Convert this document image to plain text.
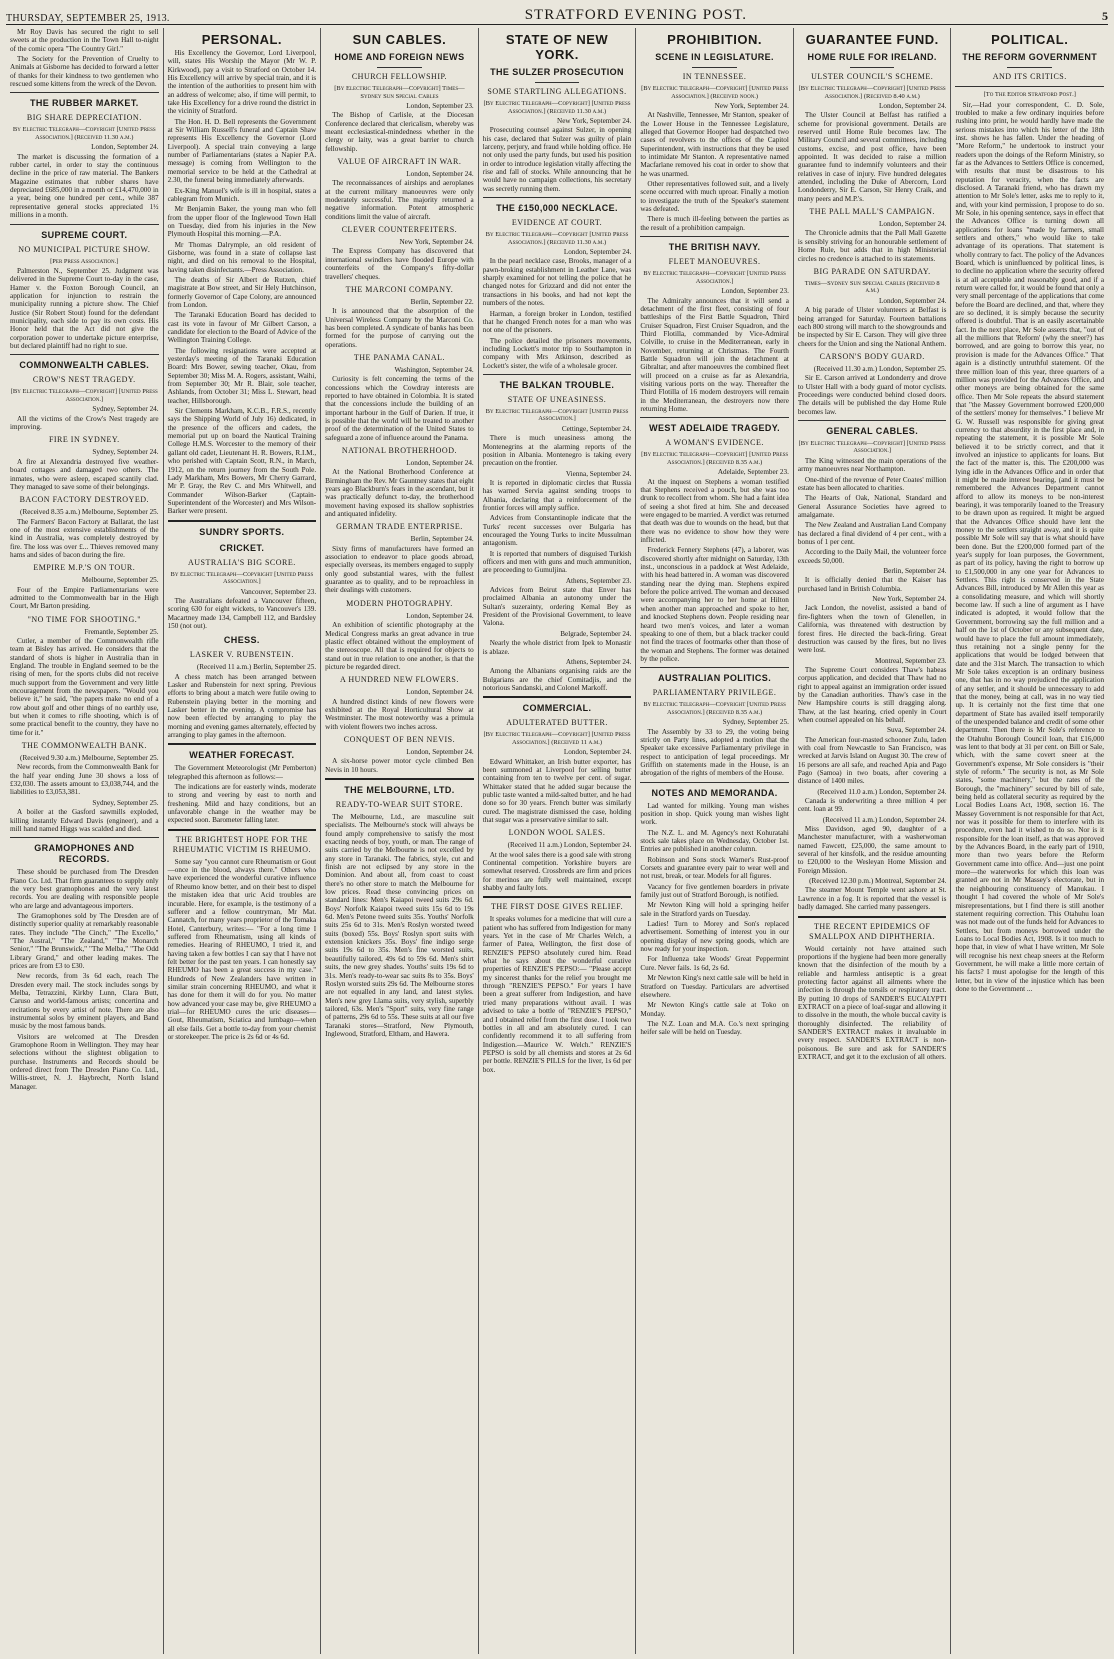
THURSDAY, SEPTEMBER 25, 1913.	STRATFORD EVENING POST.	5

Mr Roy Davis has secured the right to sell sweets at the production in the Town Hall to-night of the comic opera "The Country Girl."

The Society for the Prevention of Cruelty to Animals at Gisborne has decided to forward a letter of thanks for their kindness to two gentlemen who rescued some kittens from the wreck of the Devon.

THE RUBBER MARKET.
BIG SHARE DEPRECIATION.
By Electric Telegraph—Copyright [United Press Association.] (Received 11.30 a.m.)
London, September 24.

The market is discussing the formation of a rubber cartel, in order to stay the continuous decline in the price of raw material. The Bankers Magazine estimates that rubber shares have depreciated £685,000 in a month or £14,470,000 in a year, being one hundred per cent., while 387 representative general stocks appreciated 1½ millions in a month.

SUPREME COURT.
NO MUNICIPAL PICTURE SHOW.
[Per Press Association.]

Palmerston N., September 25. Judgment was delivered in the Supreme Court to-day in the case, Hamer v. the Foxton Borough Council, an application for injunction to restrain the municipality running a picture show. The Chief Justice (Sir Robert Stout) found for the defendant municipality, each side to pay its own costs. His Honor held that the Act did not give the corporation power to undertake picture enterprise, but declared plaintiff had no right to sue.

COMMONWEALTH CABLES.
CROW'S NEST TRAGEDY.
[By Electric Telegraph—Copyright] [United Press Association.]
Sydney, September 24.

All the victims of the Crow's Nest tragedy are improving.

FIRE IN SYDNEY.
Sydney, September 24.

A fire at Alexandria destroyed five weather-board cottages and damaged two others. The inmates, who were asleep, escaped scantily clad. They managed to save some of their belongings.

BACON FACTORY DESTROYED.
(Received 8.35 a.m.) Melbourne, September 25.

The Farmers' Bacon Factory at Ballarat, the last one of the most extensive establishments of the kind in Australia, was completely destroyed by fire. The loss was over £... Thieves removed many hams and sides of bacon during the fire.

EMPIRE M.P.'S ON TOUR.
Melbourne, September 25.

Four of the Empire Parliamentarians were admitted to the Commonwealth bar in the High Court, Mr Barton presiding.

"NO TIME FOR SHOOTING."
Fremantle, September 25.

Cutler, a member of the Commonwealth rifle team at Bisley has arrived. He considers that the standard of shots is higher in Australia than in England. The trouble in England seemed to be the rising of men, for the sports clubs did not receive much support from the Government and very little encouragement from the newspapers. "Would you believe it," he said, "the papers make no end of a row about golf and other things of no earthly use, but when it comes to rifle shooting, which is of some practical benefit to the country, they have no time for it."

THE COMMONWEALTH BANK.
(Received 9.30 a.m.) Melbourne, September 25.

New records, from the Commonwealth Bank for the half year ending June 30 shows a loss of £32,030. The assets amount to £3,038,744, and the liabilities to £3,053,381.

Sydney, September 25.

A boiler at the Gasford sawmills exploded, killing instantly Edward Davis (engineer), and a mill hand named Higgs was scalded and died.

GRAMOPHONES AND RECORDS.

These should be purchased from The Dresden Piano Co. Ltd. That firm guarantees to supply only the very best gramophones and the very latest records. You are dealing with responsible people who are large and advantageous importers.

The Gramophones sold by The Dresden are of distinctly superior quality at remarkably reasonable rates. They include "The Cinch," "The Excello," "The Austral," "The Zealand," "The Monarch Senior," "The Brunswick," "The Melba," "The Odd Library Grand," and other leading makes. The prices are from £3 to £30.

New records, from 3s 6d each, reach The Dresden every mail. The stock includes songs by Melba, Tetrazzini, Kirkby Lunn, Clara Butt, Caruso and world-famous artists; concertina and recitations by every artist of note. There are also instrumental solos by eminent players, and Band music by the most famous bands.

Visitors are welcomed at The Dresden Gramophone Room in Wellington. They may hear selections without the slightest obligation to purchase. Instruments and Records should be ordered direct from The Dresden Piano Co. Ltd., Willis-street, N. J. Haybrecht, North Island Manager.

PERSONAL.

His Excellency the Governor, Lord Liverpool, will, states His Worship the Mayor (Mr W. P. Kirkwood), pay a visit to Stratford on October 14. His Excellency will arrive by special train, and it is the intention of the authorities to present him with an address of welcome; also, if time will permit, to take His Excellency for a drive round the district in the vicinity of Stratford.

The Hon. H. D. Bell represents the Government at Sir William Russell's funeral and Captain Shaw represents His Excellency the Governor (Lord Liverpool). A special train conveying a large number of Parliamentarians (states a Napier P.A. message) is coming from Wellington to the memorial service to be held at the Cathedral at 2.30, the funeral being immediately afterwards.

Ex-King Manuel's wife is ill in hospital, states a cablegram from Munich.

Mr Benjamin Baker, the young man who fell from the upper floor of the Inglewood Town Hall on Tuesday, died from his injuries in the New Plymouth Hospital this morning.—P.A.

Mr Thomas Dalrymple, an old resident of Gisborne, was found in a state of collapse last night, and died on his removal to the Hospital, having taken disinfectants.—Press Association.

The deaths of Sir Albert de Rutzen, chief magistrate at Bow street, and Sir Hely Hutchinson, formerly Governor of Cape Colony, are announced from London.

The Taranaki Education Board has decided to cast its vote in favour of Mr Gilbert Carson, a candidate for election to the Board of Advice of the Wellington Training College.

The following resignations were accepted at yesterday's meeting of the Taranaki Education Board: Mrs Bower, sewing teacher, Okau, from September 30; Miss M. A. Rogers, assistant, Waihi, from September 30; Mr R. Blair, sole teacher, Ashlands, from October 31; Miss L. Stewart, head teacher, Hillsborough.

Sir Clements Markham, K.C.B., F.R.S., recently says the Shipping World of July 16) dedicated, in the presence of the officers and cadets, the memorial put up on board the Nautical Training College H.M.S. Worcester to the memory of their gallant old cadet, Lieutenant H. R. Bowers, R.I.M., who perished with Captain Scott, R.N., in March, 1912, on the return journey from the South Pole. Lady Markham, Mrs Bowers, Mr Cherry Garrard, Mr P. Gray, the Rev C. and Mrs Whitwell, and Commander Wilson-Barker (Captain-Superintendent of the Worcester) and Mrs Wilson-Barker were present.

SUNDRY SPORTS.
CRICKET.
AUSTRALIA'S BIG SCORE.
By Electric Telegraph—Copyright [United Press Association.]
Vancouver, September 23.

The Australians defeated a Vancouver fifteen, scoring 630 for eight wickets, to Vancouver's 139. Macartney made 134, Campbell 112, and Bardsley 150 (not out).

CHESS.
LASKER V. RUBENSTEIN.
(Received 11 a.m.) Berlin, September 25.

A chess match has been arranged between Lasker and Rubenstein for next spring. Previous efforts to bring about a match were futile owing to Rubenstein playing better in the morning and Lasker better in the evening. A compromise has now been effected by arranging to play the morning and evening games alternately, effected by arranging to play games in the afternoon.

WEATHER FORECAST.

The Government Meteorologist (Mr Pemberton) telegraphed this afternoon as follows:—

The indications are for easterly winds, moderate to strong and veering by east to north and freshening. Mild and hazy conditions, but an unfavorable change in the weather may be expected soon. Barometer falling later.

THE BRIGHTEST HOPE FOR THE RHEUMATIC VICTIM IS RHEUMO.

Some say "you cannot cure Rheumatism or Gout—once in the blood, always there." Others who have experienced the wonderful curative influence of Rheumo know better, and on their best to dispel the mistaken idea that uric Acid troubles are incurable. Here, for example, is the testimony of a sufferer and a fellow countryman, Mr Mat. Cannatch, for many years proprietor of the Tomaka Hotel, Canterbury, writes:— "For a long time I suffered from Rheumatism, using all kinds of remedies. Hearing of RHEUMO, I tried it, and having taken a few bottles I can say that I have not felt better for the past ten years. I can honestly say RHEUMO has been a great success in my case." Hundreds of New Zealanders have written in similar strain concerning RHEUMO, and what it has done for them it will do for you. No matter how advanced your case may be, give RHEUMO a trial—for RHEUMO cures the uric diseases—Gout, Rheumatism, Sciatica and lumbago—when all else fails. Get a bottle to-day from your chemist or storekeeper. The price is 2s 6d or 4s 6d.

SUN CABLES.
HOME AND FOREIGN NEWS
CHURCH FELLOWSHIP.
[By Electric Telegraph—Copyright] Times—Sydney Sun Special Cables
London, September 23.

The Bishop of Carlisle, at the Diocesan Conference declared that clericalism, whereby was meant ecclesiastical-mindedness whether in the clergy or laity, was a great barrier to church fellowship.

VALUE OF AIRCRAFT IN WAR.
London, September 24.

The reconnaissances of airships and aeroplanes at the current military manoeuvres were only moderately successful. The majority returned a negative information. Potent atmospheric conditions limit the value of aircraft.

CLEVER COUNTERFEITERS.
New York, September 24.

The Express Company has discovered that international swindlers have flooded Europe with counterfeits of the Company's fifty-dollar travellers' cheques.

THE MARCONI COMPANY.
Berlin, September 22.

It is announced that the absorption of the Universal Wireless Company by the Marconi Co. has been completed. A syndicate of banks has been formed for the purpose of carrying out the operations.

THE PANAMA CANAL.
Washington, September 24.

Curiosity is felt concerning the terms of the concessions which the Cowdray interests are reported to have obtained in Colombia. It is stated that the concessions include the building of an important harbour in the Gulf of Darien. If true, it is possible that the world will be treated to another proof of the determination of the United States to safeguard a zone of influence around the Panama.

NATIONAL BROTHERHOOD.
London, September 24.

At the National Brotherhood Conference at Birmingham the Rev. Mr Gauntney states that eight years ago Blackburn's fears in the ascendant, but it was practically defunct to-day, the brotherhood movement having exposed its shallow sophistries and antiquated infidelity.

GERMAN TRADE ENTERPRISE.
Berlin, September 24.

Sixty firms of manufacturers have formed an association to endeavor to place goods abroad, especially overseas, its members engaged to supply only good substantial wares, with the fullest guarantee as to quality, and to be reproachless in their dealings with customers.

MODERN PHOTOGRAPHY.
London, September 24.

An exhibition of scientific photography at the Medical Congress marks an great advance in true plastic effect obtained without the employment of the stereoscope. All that is required for objects to stand out in true relation to one another, is that the picture be regarded direct.

A HUNDRED NEW FLOWERS.
London, September 24.

A hundred distinct kinds of new flowers were exhibited at the Royal Horticultural Show at Westminster. The most noteworthy was a primula with violent flowers two inches across.

CONQUEST OF BEN NEVIS.
London, September 24.

A six-horse power motor cycle climbed Ben Nevis in 10 hours.

THE MELBOURNE, LTD.
READY-TO-WEAR SUIT STORE.

The Melbourne, Ltd., are masculine suit specialists. The Melbourne's stock will always be found amply comprehensive to satisfy the most exacting needs of boy, youth, or man. The range of suits carried by the Melbourne is not excelled by any store in Taranaki. The fabrics, style, cut and finish are not eclipsed by any store in the Dominion. And about all, from coast to coast there's no other store to match the Melbourne for low prices. Read these convincing prices on standard lines: Men's Kaiapoi tweed suits 29s 6d. Boys' Norfolk Kaiapoi tweed suits 15s 6d to 19s 6d. Men's Petone tweed suits 35s. Youths' Norfolk suits 25s 6d to 31s. Men's Roslyn worsted tweed suits (boxed) 55s. Boys' Roslyn sport suits with extension knickers 35s. Boys' fine indigo serge suits 19s 6d to 35s. Men's fine worsted suits, beautifully tailored, 49s 6d to 59s 6d. Men's shirt suits, the new grey shades. Youths' suits 19s 6d to 31s. Men's ready-to-wear sac suits 8s to 35s. Boys' Roslyn worsted suits 29s 6d. The Melbourne stores are not equalled in any land, and latest styles. Men's new grey Llama suits, very stylish, superbly tailored, 63s. Men's "Sport" suits, very fine range of patterns, 29s 6d to 55s. These suits at all our five Taranaki stores—Stratford, New Plymouth, Inglewood, Stratford, Eltham, and Hawera.

STATE OF NEW YORK.
THE SULZER PROSECUTION
SOME STARTLING ALLEGATIONS.
[By Electric Telegraph—Copyright] [United Press Association.] (Received 11.30 a.m.)
New York, September 24.

Prosecuting counsel against Sulzer, in opening his case, declared that Sulzer was guilty of plain larceny, perjury, and fraud while holding office. He not only used the party funds, but used his position in order to introduce legislation vitally affecting the rise and fall of stocks. While announcing that he would have no campaign collections, his secretary was secretly running them.

THE £150,000 NECKLACE.
EVIDENCE AT COURT.
By Electric Telegraph—Copyright [United Press Association.] (Received 11.30 a.m.)
London, September 24.

In the pearl necklace case, Brooks, manager of a pawn-broking establishment in Leather Lane, was sharply examined for not telling the police that he changed notes for Grizzard and did not enter the transactions in his books, and had not kept the numbers of the notes.

Harman, a foreign broker in London, testified that he changed French notes for a man who was not one of the prisoners.

The police detailed the prisoners movements, including Lockett's motor trip to Southampton in company with Mrs Atkinson, described as Lockett's sister, the wife of a wholesale grocer.

THE BALKAN TROUBLE.
STATE OF UNEASINESS.
By Electric Telegraph—Copyright [United Press Association.]
Cettinge, September 24.

There is much uneasiness among the Montenegrins at the alarming reports of the position in Albania. Montenegro is taking every precaution on the frontier.

Vienna, September 24.

It is reported in diplomatic circles that Russia has warned Servia against sending troops to Albania, declaring that a reinforcement of the frontier forces will amply suffice.

Advices from Constantinople indicate that the Turks' recent successes over Bulgaria has encouraged the Young Turks to incite Mussulman antagonism.

It is reported that numbers of disguised Turkish officers and men with guns and much ammunition, are proceeding to Gumuljina.

Athens, September 23.

Advices from Beirut state that Enver has proclaimed Albania an autonomy under the Sultan's suzerainty, ordering Kemal Bey as President of the Provisional Government, to leave Valona.

Belgrade, September 24.

Nearly the whole district from Ipek to Monastir is ablaze.

Athens, September 24.

Among the Albanians organising raids are the Bulgarians are the chief Comitadjis, and the notorious Sandanski, and Colonel Markoff.

COMMERCIAL.
ADULTERATED BUTTER.
[By Electric Telegraph—Copyright] [United Press Association.] (Received 11 a.m.)
London, September 24.

Edward Whittaker, an Irish butter exporter, has been summoned at Liverpool for selling butter containing from ten to twelve per cent. of sugar. Whittaker stated that he added sugar because the public taste wanted a mild-salted butter, and he had done so for 30 years. French butter was similarly cured. The magistrate dismissed the case, holding that sugar was a preservative similar to salt.

LONDON WOOL SALES.
(Received 11 a.m.) London, September 24.

At the wool sales there is a good sale with strong Continental competition. Yorkshire buyers are somewhat reserved. Crossbreds are firm and prices for merinos are fully well maintained, except shabby and faulty lots.

THE FIRST DOSE GIVES RELIEF.

It speaks volumes for a medicine that will cure a patient who has suffered from Indigestion for many years. Yet in the case of Mr Charles Welch, a farmer of Patea, Wellington, the first dose of RENZIE'S PEPSO absolutely cured him. Read what he says about the wonderful curative properties of RENZIE'S PEPSO:— "Please accept my sincerest thanks for the relief you brought me through "RENZIE'S PEPSO." For years I have been a great sufferer from Indigestion, and have tried many preparations without avail. I was advised to take a bottle of "RENZIE'S PEPSO," and I obtained relief from the first dose. I took two bottles in all and am absolutely cured. I can confidently recommend it to all suffering from Indigestion.—Maurice W. Welch." RENZIE'S PEPSO is sold by all chemists and stores at 2s 6d per bottle. RENZIE'S PILLS for the liver, 1s 6d per box.

PROHIBITION.
SCENE IN LEGISLATURE.
IN TENNESSEE.
[By Electric Telegraph—Copyright] [United Press Association.] (Received noon.)
New York, September 24.

At Nashville, Tennessee, Mr Stanton, speaker of the Lower House in the Tennessee Legislature, alleged that Governor Hooper had despatched two cases of revolvers to the offices of the Capitol Superintendent, with instructions that they be used to intimidate Mr Stanton. A representative named Macfarlane removed his coat in order to show that he was unarmed.

Other representatives followed suit, and a lively scene occurred with much uproar. Finally a motion to investigate the truth of the Speaker's statement was defeated.

There is much ill-feeling between the parties as the result of a prohibition campaign.

THE BRITISH NAVY.
FLEET MANOEUVRES.
By Electric Telegraph—Copyright [United Press Association.]
London, September 23.

The Admiralty announces that it will send a detachment of the first fleet, consisting of four battleships of the First Battle Squadron, Third Cruiser Squadron, First Cruiser Squadron, and the Third Flotilla, commanded by Vice-Admiral Colville, to cruise in the Mediterranean, early in November, returning at Christmas. The Fourth Battle Squadron will join the detachment at Gibraltar, and after manoeuvres the combined fleet will proceed on a cruise as far as Alexandria, visiting various ports on the way. Thereafter the Third Flotilla of 16 modern destroyers will remain in the Mediterranean, the destroyers now there returning Home.

WEST ADELAIDE TRAGEDY.
A WOMAN'S EVIDENCE.
[By Electric Telegraph—Copyright] [United Press Association.] (Received 8.35 a.m.)
Adelaide, September 23.

At the inquest on Stephens a woman testified that Stephens received a pouch, but she was too drunk to recollect from whom. She had a faint idea of seeing a shot fired at him. She and deceased were engaged to be married. A verdict was returned that death was due to wounds on the head, but that there was no evidence to show how they were inflicted.

Frederick Fennery Stephens (47), a laborer, was discovered shortly after midnight on Saturday, 13th inst., unconscious in a paddock at West Adelaide, with his head battered in. A woman was discovered standing near the dying man. Stephens expired before the police arrived. The woman and deceased were accompanying her to her home at Hilton when another man approached and spoke to her, and knocked Stephens down. People residing near heard two men's voices, and later a woman speaking to one of them, but a black tracker could not find the traces of footmarks other than those of the woman and Stephens. The former was detained by the police.

AUSTRALIAN POLITICS.
PARLIAMENTARY PRIVILEGE.
By Electric Telegraph—Copyright [United Press Association.] (Received 8.35 a.m.)
Sydney, September 25.

The Assembly by 33 to 29, the voting being strictly on Party lines, adopted a motion that the Speaker take excessive Parliamentary privilege in respect to anticipation of legal proceedings. Mr Griffith on statements made in the House, is an abrogation of the rights of members of the House.

NOTES AND MEMORANDA.

Lad wanted for milking. Young man wishes position in shop. Quick young man wishes light work.

The N.Z. L. and M. Agency's next Kohuratahi stock sale takes place on Wednesday, October 1st. Entries are published in another column.

Robinson and Sons stock Warner's Rust-proof Corsets and guarantee every pair to wear well and not rust, break, or tear. Models for all figures.

Vacancy for five gentlemen boarders in private family just out of Stratford Borough, is notified.

Mr Newton King will hold a springing heifer sale in the Stratford yards on Tuesday.

Ladies! Turn to Morey and Son's replaced advertisement. Something of interest you in our opening display of new spring goods, which are now ready for your inspection.

For Influenza take Woods' Great Peppermint Cure. Never fails. 1s 6d, 2s 6d.

Mr Newton King's next cattle sale will be held in Stratford on Tuesday. Particulars are advertised elsewhere.

Mr Newton King's cattle sale at Toko on Monday.

The N.Z. Loan and M.A. Co.'s next springing heifer sale will be held on Tuesday.

GUARANTEE FUND.
HOME RULE FOR IRELAND.
ULSTER COUNCIL'S SCHEME.
[By Electric Telegraph—Copyright] [United Press Association.] (Received 8.40 a.m.)
London, September 24.

The Ulster Council at Belfast has ratified a scheme for provisional government. Details are reserved until Home Rule becomes law. The Military Council and several committees, including customs, excise, and post office, have been appointed. It was decided to raise a million guarantee fund to indemnify volunteers and their relatives in case of injury. Five hundred delegates attended, including the Duke of Abercorn, Lord Londonderry, Sir E. Carson, Sir Henry Craik, and many peers and M.P.'s.

THE PALL MALL'S CAMPAIGN.
London, September 24.

The Chronicle admits that the Pall Mall Gazette is sensibly striving for an honourable settlement of Home Rule, but adds that in high Ministerial circles no credence is attached to its statements.

BIG PARADE ON SATURDAY.
Times—Sydney Sun Special Cables (Received 8 a.m.)
London, September 24.

A big parade of Ulster volunteers at Belfast is being arranged for Saturday. Fourteen battalions each 800 strong will march to the showgrounds and be inspected by Sir E. Carson. They will give three cheers for the Union and sing the National Anthem.

CARSON'S BODY GUARD.
(Received 11.30 a.m.) London, September 25.

Sir E. Carson arrived at Londonderry and drove to Ulster Hall with a body guard of motor cyclists. Proceedings were conducted behind closed doors. The details will be published the day Home Rule becomes law.

GENERAL CABLES.
[By Electric Telegraph—Copyright] [United Press Association.]

The King witnessed the main operations of the army manoeuvres near Northampton.

One-third of the revenue of Peter Coates' million estate has been allocated to charities.

The Hearts of Oak, National, Standard and General Assurance Societies have agreed to amalgamate.

The New Zealand and Australian Land Company has declared a final dividend of 4 per cent., with a bonus of 1 per cent.

According to the Daily Mail, the volunteer force exceeds 50,000.

Berlin, September 24.

It is officially denied that the Kaiser has purchased land in British Columbia.

New York, September 24.

Jack London, the novelist, assisted a band of fire-fighters when the town of Glenellen, in California, was threatened with destruction by forest fires. He directed the back-firing. Great destruction was caused by the fires, but no lives were lost.

Montreal, September 23.

The Supreme Court considers Thaw's habeas corpus application, and decided that Thaw had no right to appeal against an immigration order issued by the Canadian authorities. Thaw's case in the New Hampshire courts is still dragging along. Thaw, at the last hearing, cried openly in Court when counsel appealed on his behalf.

Suva, September 24.

The American four-masted schooner Zulu, laden with coal from Newcastle to San Francisco, was wrecked at Jarvis Island on August 30. The crew of 16 persons are all safe, and reached Apia and Pago Pago (Samoa) in two boats, after covering a distance of 1400 miles.

(Received 11.0 a.m.) London, September 24.

Canada is underwriting a three million 4 per cent. loan at 99.

(Received 11 a.m.) London, September 24.

Miss Davidson, aged 90, daughter of a Manchester manufacturer, with a washerwoman named Fawcett, £25,000, the same amount to several of her kinsfolk, and the residue amounting to £20,000 to the Wesleyan Home Mission and Foreign Mission.

(Received 12.30 p.m.) Montreal, September 24.

The steamer Mount Temple went ashore at St. Lawrence in a fog. It is reported that the vessel is badly damaged. She carried many passengers.

THE RECENT EPIDEMICS OF SMALLPOX AND DIPHTHERIA.

Would certainly not have attained such proportions if the hygiene had been more generally known that the disinfection of the mouth by a reliable and harmless antiseptic is a great protecting factor against all ailments where the infection is through the tonsils or respiratory tract. By putting 10 drops of SANDER'S EUCALYPTI EXTRACT on a piece of loaf-sugar and allowing it to dissolve in the mouth, the whole buccal cavity is thoroughly disinfected. The reliability of SANDER'S EXTRACT makes it invaluable in every respect. SANDER'S EXTRACT is non-poisonous. Be sure and ask for SANDER'S EXTRACT, and get it to the exclusion of all others.

POLITICAL.
THE REFORM GOVERNMENT
AND ITS CRITICS.
[To The Editor Stratford Post.]

Sir,—Had your correspondent, C. D. Sole, troubled to make a few ordinary inquiries before rushing into print, he would hardly have made the serious mistakes into which his letter of the 18th inst. shows he has fallen. Under the heading of "More Reform," he undertook to instruct your readers upon the doings of the Reform Ministry, so far as the Advances to Settlers Office is concerned, with results that must be disastrous to his reputation for veracity, when the facts are disclosed. A Taranaki friend, who has drawn my attention to Mr Sole's letter, asks me to reply to it, and, with your kind permission, I propose to do so. Mr Sole, in his opening sentence, says in effect that the Advances Office is turning down all applications for loans "made by farmers, small settlers and others," who would like to take advantage of its operations. That statement is wholly contrary to fact. The policy of the Advances Board, which is uninfluenced by political lines, is to decline no application where the security offered is at all acceptable and reasonably good, and if a return were called for, it would be found that only a very small percentage of the applications that come before the Board are declined, and that, where they are so declined, it is simply because the security offered is doubtful. That is an easily ascertainable fact. In the next place, Mr Sole asserts that, "out of all the millions that 'Reform' (why the sneer?) has borrowed, and are going to borrow this year, no provision is made for the Advances Office." That again is a distinctly untruthful statement. Of the three million loan of this year, three quarters of a million was provided for the Advances Office, and other moneys are being obtained for the same office. Then Mr Sole repeats the absurd statement that "the Massey Government borrowed £200,000 of the settlers' money for themselves." I believe Mr G. W. Russell was responsible for giving great currency to that absurdity in the first place and, in repeating the statement, it is possible Mr Sole believed it to be strictly correct, and that it involved an injustice to applicants for loans. But the fact of the matter is, this. The £200,000 was lying idle in the Advances Office and in order that it might be made interest bearing, (and it must be remembered the Advances Department cannot afford to allow its moneys to be non-interest bearing), it was temporarily loaned to the Treasury to be drawn upon as required. It might be argued that the Advances Office should have lent the money to the settlers straight away, and it is quite possible Mr Sole will say that is what should have been done. But the £200,000 formed part of the year's supply for loan purposes, the Government, as part of its policy, having the right to borrow up to £1,500,000 in any one year for Advances to Settlers. This right is conserved in the State Advances Bill, introduced by Mr Allen this year as a consolidating measure, and which will shortly become law. If such a line of argument as I have indicated is adopted, it would follow that the Government, borrowing say the full million and a half on the 1st of October or any subsequent date, would have to place the full amount immediately, thus retaining not a single penny for the applications that would be lodged between that date and the 31st March. The transaction to which Mr Sole takes exception is an ordinary business one, that has in no way prejudiced the application of any settler, and it should be unnecessary to add that the money, being at call, was in no way tied up. It is certainly not the first time that one department of State has availed itself temporarily of the unexpended balance and credit of some other department. Then there is Mr Sole's reference to the Otahuhu Borough Council loan, that £16,000 was lent to that body at 31 per cent. on Bill or Sale, which, with the same covert sneer at the Government's expense, Mr Sole considers is "their style of reform." The security is not, as Mr Sole states, "some machinery," but the rates of the Borough, the "machinery" secured by bill of sale, being held as collateral security as required by the Local Bodies Loans Act, 1908, section 16. The Massey Government is not responsible for that Act, nor was it possible for them to interfere with its procedure, even had it wished to do so. Nor is it responsible for the loan itself, as that was approved by the Advances Board, in the early part of 1910, more than two years before the Reform Government came into office. And—just one point more—the waterworks for which this loan was granted are not in Mr Massey's electorate, but in the neighbouring constituency of Manukau. I thought I had covered the whole of Mr Sole's misrepresentations, but I find there is still another statement requiring correction. This Otahuhu loan was not made out of the funds held for Advances to Settlers, but from moneys borrowed under the Loans to Local Bodies Act, 1908. Is it too much to hope that, in view of what I have written, Mr Sole will recognise his next cheap sneers at the Reform Government, he will make a little more certain of his facts? I must apologise for the length of this letter, but in view of the injustice which has been done to the Government ...
